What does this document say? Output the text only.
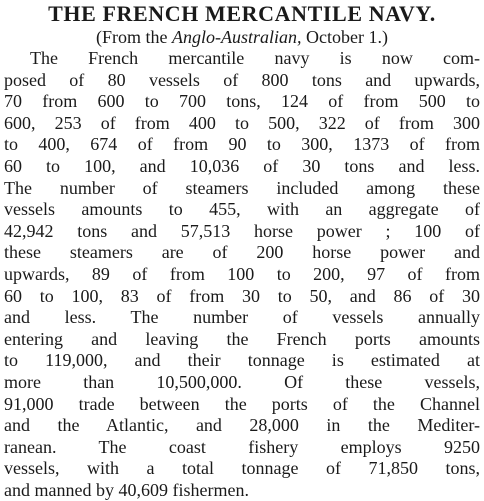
THE FRENCH MERCANTILE NAVY.
(From the Anglo-Australian, October 1.)

The French mercantile navy is now com-
posed of 80 vessels of 800 tons and upwards,
70 from 600 to 700 tons, 124 of from 500 to
600, 253 of from 400 to 500, 322 of from 300
to 400, 674 of from 90 to 300, 1373 of from
60 to 100, and 10,036 of 30 tons and less.
The number of steamers included among these
vessels amounts to 455, with an aggregate of
42,942 tons and 57,513 horse power ; 100 of
these steamers are of 200 horse power and
upwards, 89 of from 100 to 200, 97 of from
60 to 100, 83 of from 30 to 50, and 86 of 30
and less. The number of vessels annually
entering and leaving the French ports amounts
to 119,000, and their tonnage is estimated at
more than 10,500,000. Of these vessels,
91,000 trade between the ports of the Channel
and the Atlantic, and 28,000 in the Mediter-
ranean. The coast fishery employs 9250
vessels, with a total tonnage of 71,850 tons,
and manned by 40,609 fishermen.
